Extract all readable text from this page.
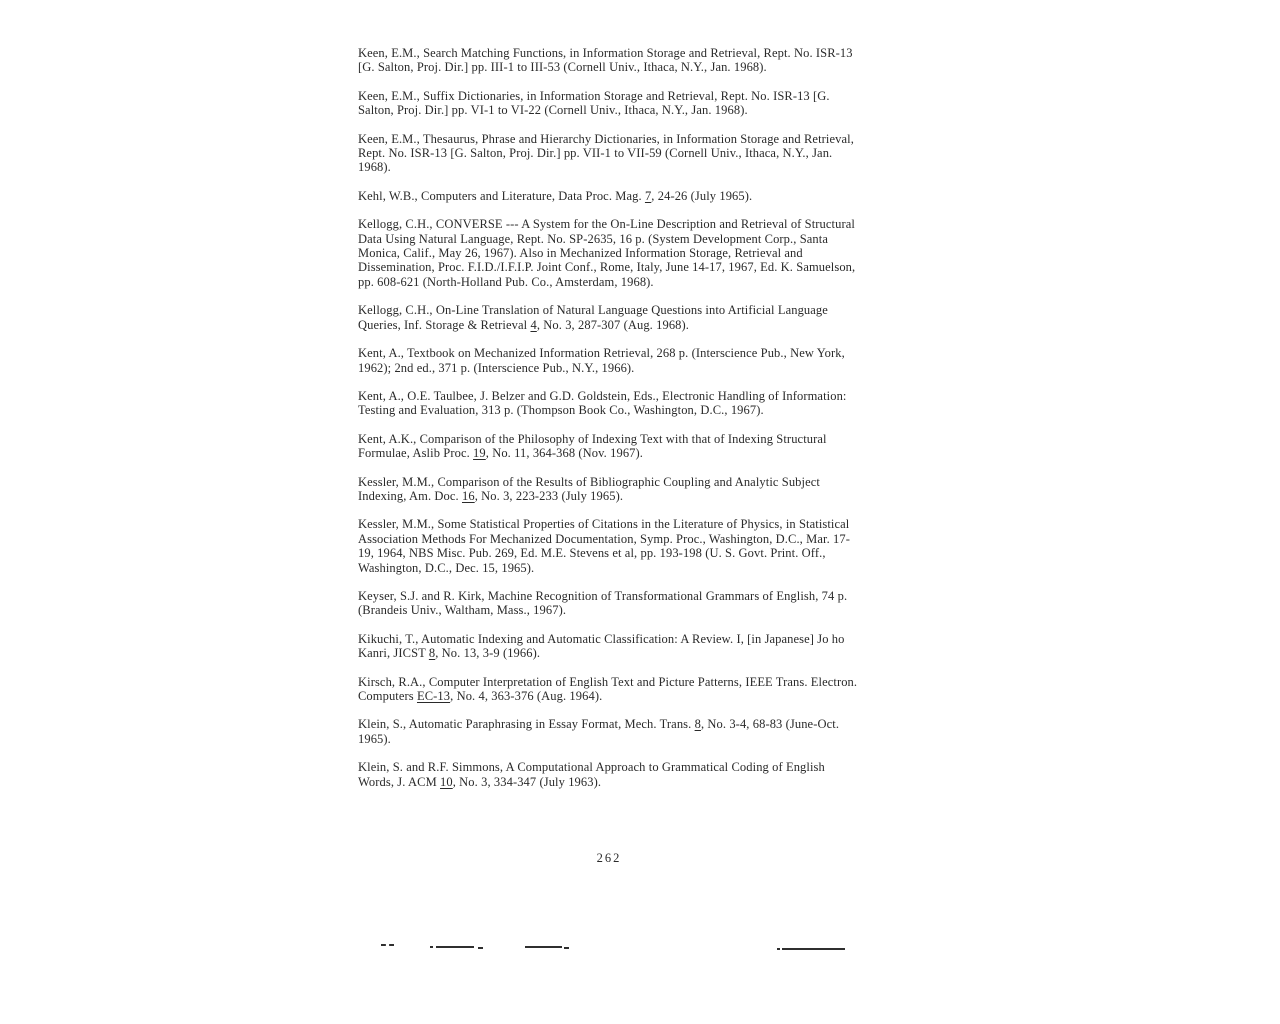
Keen, E.M., Search Matching Functions, in Information Storage and Retrieval, Rept. No. ISR-13 [G. Salton, Proj. Dir.] pp. III-1 to III-53 (Cornell Univ., Ithaca, N.Y., Jan. 1968).

Keen, E.M., Suffix Dictionaries, in Information Storage and Retrieval, Rept. No. ISR-13 [G. Salton, Proj. Dir.] pp. VI-1 to VI-22 (Cornell Univ., Ithaca, N.Y., Jan. 1968).

Keen, E.M., Thesaurus, Phrase and Hierarchy Dictionaries, in Information Storage and Retrieval, Rept. No. ISR-13 [G. Salton, Proj. Dir.] pp. VII-1 to VII-59 (Cornell Univ., Ithaca, N.Y., Jan. 1968).

Kehl, W.B., Computers and Literature, Data Proc. Mag. 7, 24-26 (July 1965).

Kellogg, C.H., CONVERSE --- A System for the On-Line Description and Retrieval of Structural Data Using Natural Language, Rept. No. SP-2635, 16 p. (System Development Corp., Santa Monica, Calif., May 26, 1967). Also in Mechanized Information Storage, Retrieval and Dissemination, Proc. F.I.D./I.F.I.P. Joint Conf., Rome, Italy, June 14-17, 1967, Ed. K. Samuelson, pp. 608-621 (North-Holland Pub. Co., Amsterdam, 1968).

Kellogg, C.H., On-Line Translation of Natural Language Questions into Artificial Language Queries, Inf. Storage & Retrieval 4, No. 3, 287-307 (Aug. 1968).

Kent, A., Textbook on Mechanized Information Retrieval, 268 p. (Interscience Pub., New York, 1962); 2nd ed., 371 p. (Interscience Pub., N.Y., 1966).

Kent, A., O.E. Taulbee, J. Belzer and G.D. Goldstein, Eds., Electronic Handling of Information: Testing and Evaluation, 313 p. (Thompson Book Co., Washington, D.C., 1967).

Kent, A.K., Comparison of the Philosophy of Indexing Text with that of Indexing Structural Formulae, Aslib Proc. 19, No. 11, 364-368 (Nov. 1967).

Kessler, M.M., Comparison of the Results of Bibliographic Coupling and Analytic Subject Indexing, Am. Doc. 16, No. 3, 223-233 (July 1965).

Kessler, M.M., Some Statistical Properties of Citations in the Literature of Physics, in Statistical Association Methods For Mechanized Documentation, Symp. Proc., Washington, D.C., Mar. 17-19, 1964, NBS Misc. Pub. 269, Ed. M.E. Stevens et al, pp. 193-198 (U. S. Govt. Print. Off., Washington, D.C., Dec. 15, 1965).

Keyser, S.J. and R. Kirk, Machine Recognition of Transformational Grammars of English, 74 p. (Brandeis Univ., Waltham, Mass., 1967).

Kikuchi, T., Automatic Indexing and Automatic Classification: A Review. I, [in Japanese] Jo ho Kanri, JICST 8, No. 13, 3-9 (1966).

Kirsch, R.A., Computer Interpretation of English Text and Picture Patterns, IEEE Trans. Electron. Computers EC-13, No. 4, 363-376 (Aug. 1964).

Klein, S., Automatic Paraphrasing in Essay Format, Mech. Trans. 8, No. 3-4, 68-83 (June-Oct. 1965).

Klein, S. and R.F. Simmons, A Computational Approach to Grammatical Coding of English Words, J. ACM 10, No. 3, 334-347 (July 1963).

262
